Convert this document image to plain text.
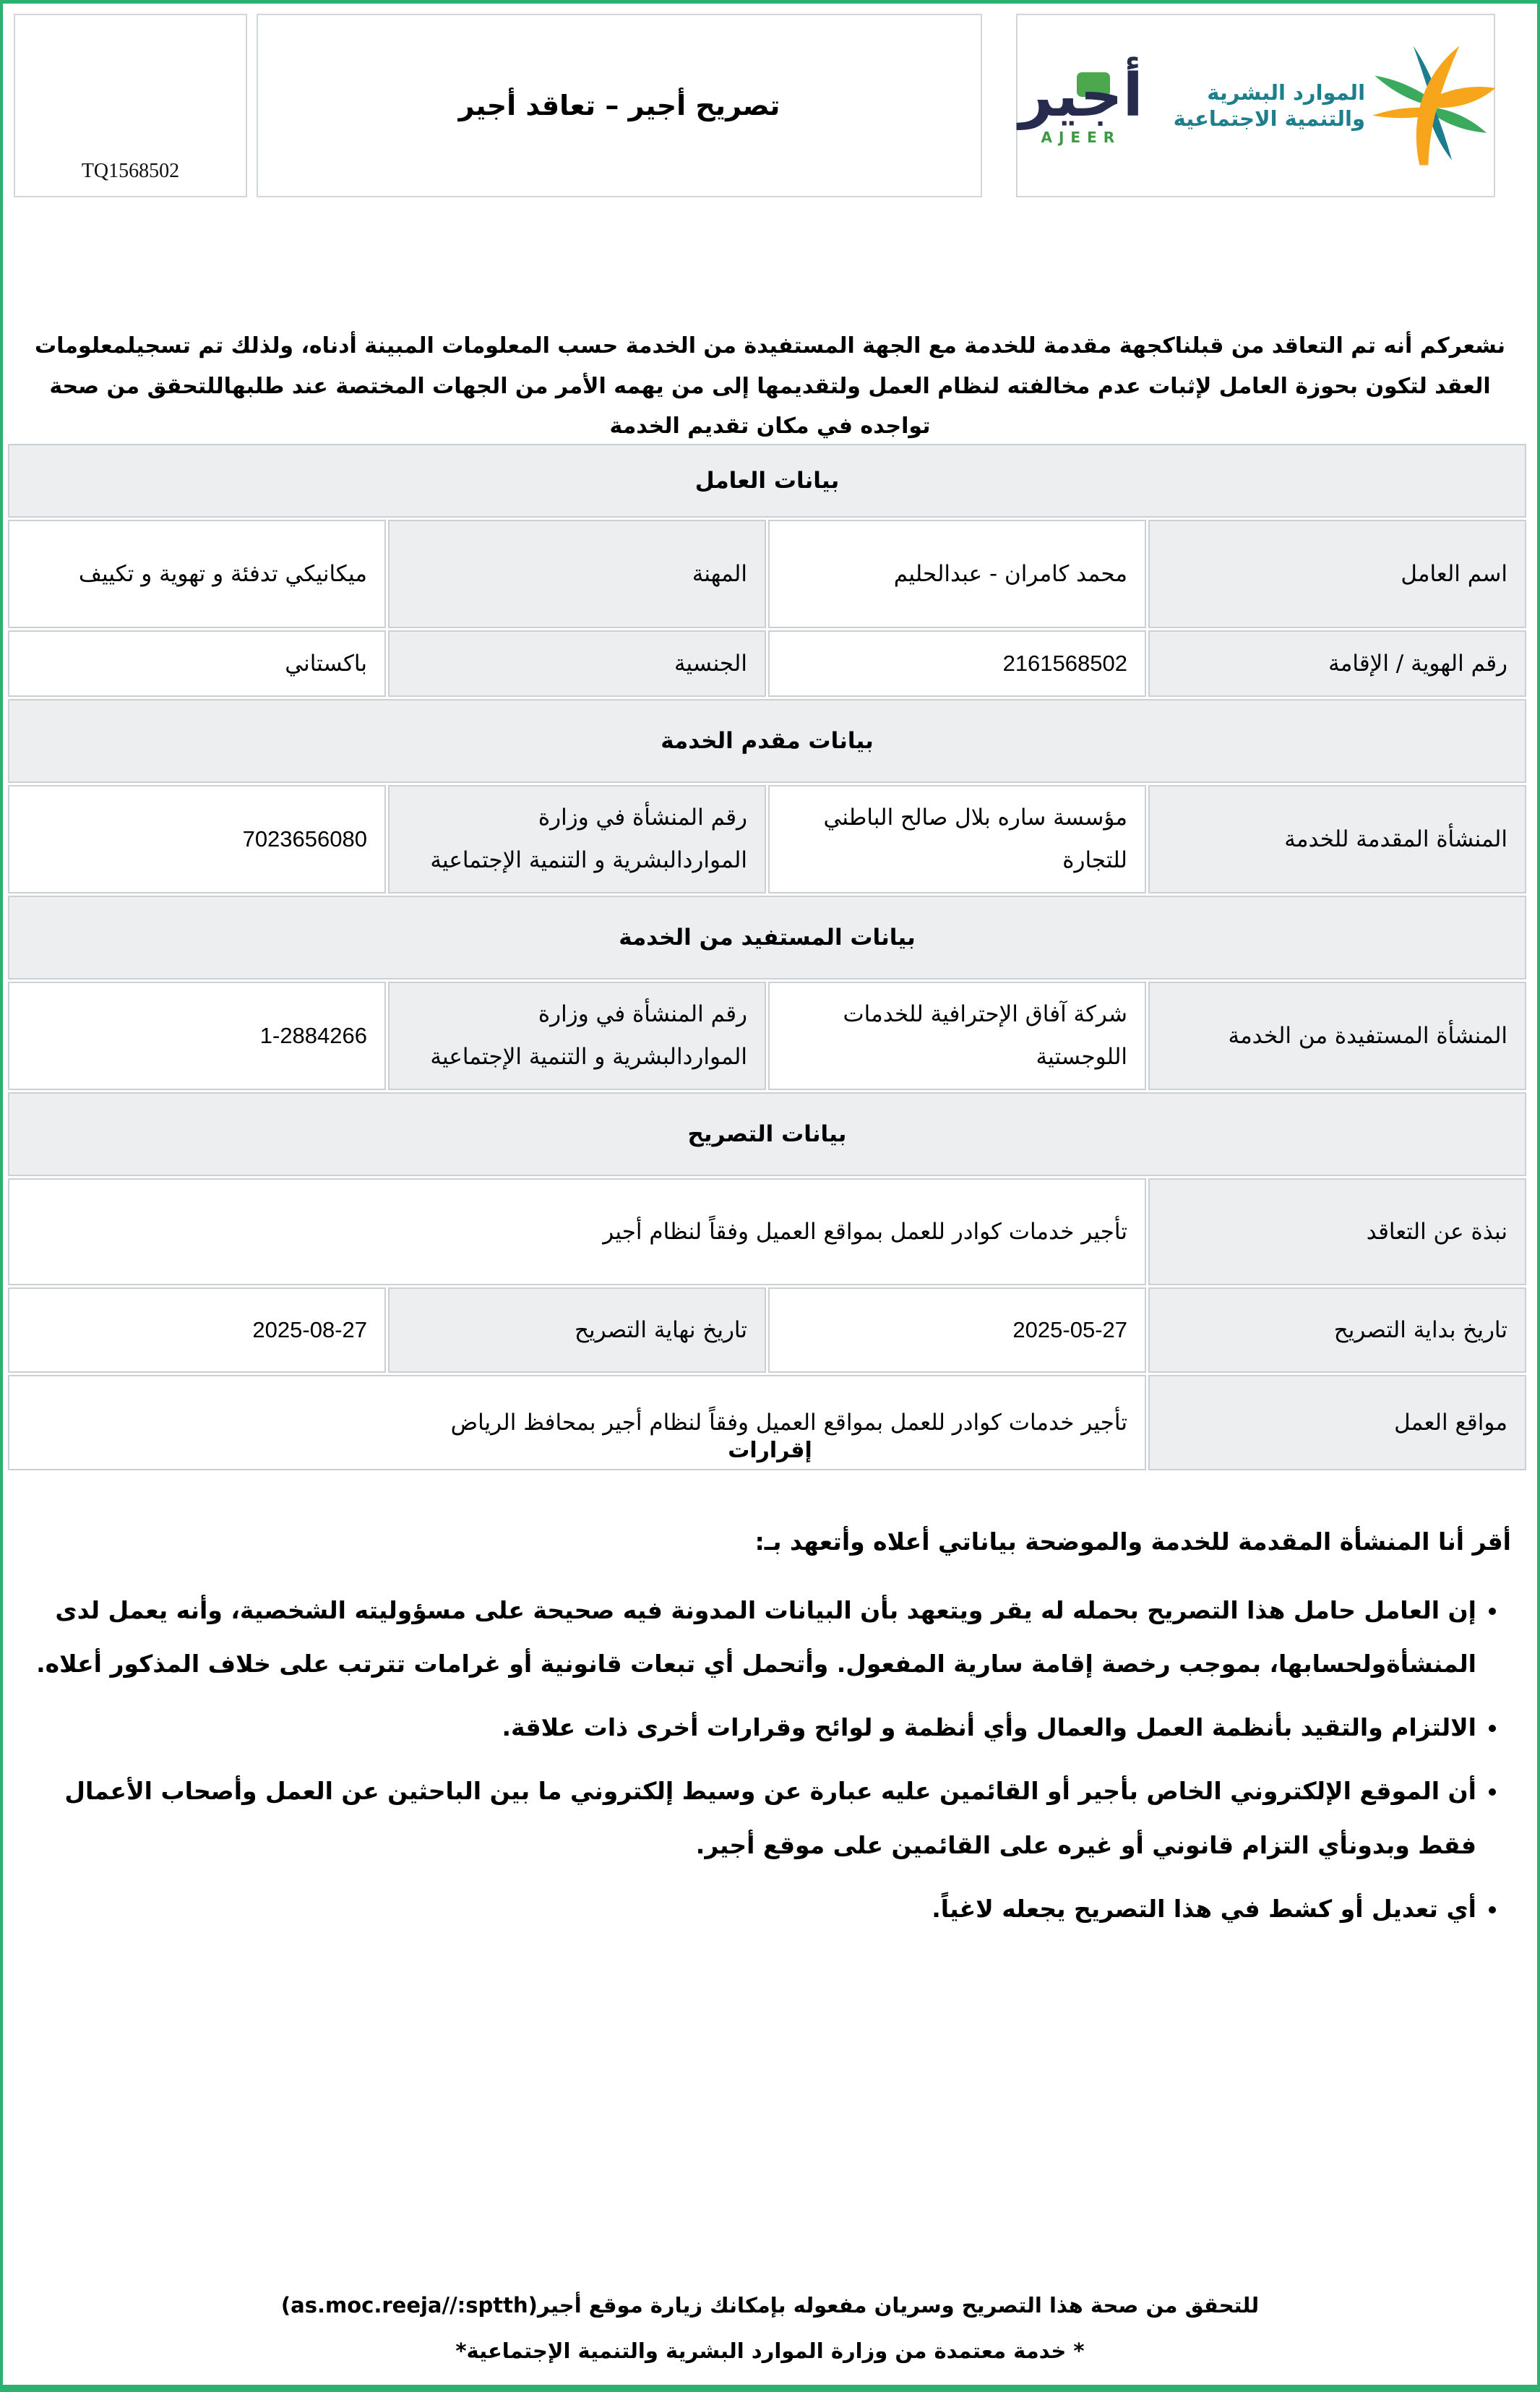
TQ1568502
تصريح أجير – تعاقد أجير	الموارد البشرية
والتنمية الاجتماعية
أجير
AJEER

نشعركم أنه تم التعاقد من قبلناكجهة مقدمة للخدمة مع الجهة المستفيدة من الخدمة حسب المعلومات المبينة أدناه، ولذلك تم تسجيلمعلومات العقد لتكون بحوزة العامل لإثبات عدم مخالفته لنظام العمل ولتقديمها إلى من يهمه الأمر من الجهات المختصة عند طلبهاللتحقق من صحة تواجده في مكان تقديم الخدمة

بيانات العامل			
اسم العامل	محمد كامران - عبدالحليم	المهنة	ميكانيكي تدفئة و تهوية و تكييف
رقم الهوية / الإقامة	2161568502	الجنسية	باكستاني
بيانات مقدم الخدمة			
المنشأة المقدمة للخدمة	مؤسسة ساره بلال صالح الباطني للتجارة	رقم المنشأة في وزارة المواردالبشرية و التنمية الإجتماعية	7023656080
بيانات المستفيد من الخدمة			
المنشأة المستفيدة من الخدمة	شركة آفاق الإحترافية للخدمات اللوجستية	رقم المنشأة في وزارة المواردالبشرية و التنمية الإجتماعية	1-2884266
بيانات التصريح			
نبذة عن التعاقد	تأجير خدمات كوادر للعمل بمواقع العميل وفقاً لنظام أجير		
تاريخ بداية التصريح	2025-05-27	تاريخ نهاية التصريح	2025-08-27
مواقع العمل	تأجير خدمات كوادر للعمل بمواقع العميل وفقاً لنظام أجير بمحافظ الرياض		
إقرارات

أقر أنا المنشأة المقدمة للخدمة والموضحة بياناتي أعلاه وأتعهد بـ:

• إن العامل حامل هذا التصريح بحمله له يقر ويتعهد بأن البيانات المدونة فيه صحيحة على مسؤوليته الشخصية، وأنه يعمل لدى المنشأةولحسابها، بموجب رخصة إقامة سارية المفعول. وأتحمل أي تبعات قانونية أو غرامات تترتب على خلاف المذكور أعلاه.
• الالتزام والتقيد بأنظمة العمل والعمال وأي أنظمة و لوائح وقرارات أخرى ذات علاقة.
• أن الموقع الإلكتروني الخاص بأجير أو القائمين عليه عبارة عن وسيط إلكتروني ما بين الباحثين عن العمل وأصحاب الأعمال فقط وبدونأي التزام قانوني أو غيره على القائمين على موقع أجير.
• أي تعديل أو كشط في هذا التصريح يجعله لاغياً.
للتحقق من صحة هذا التصريح وسريان مفعوله بإمكانك زيارة موقع أجير(as.moc.reeja//:sptth)
* خدمة معتمدة من وزارة الموارد البشرية والتنمية الإجتماعية*
